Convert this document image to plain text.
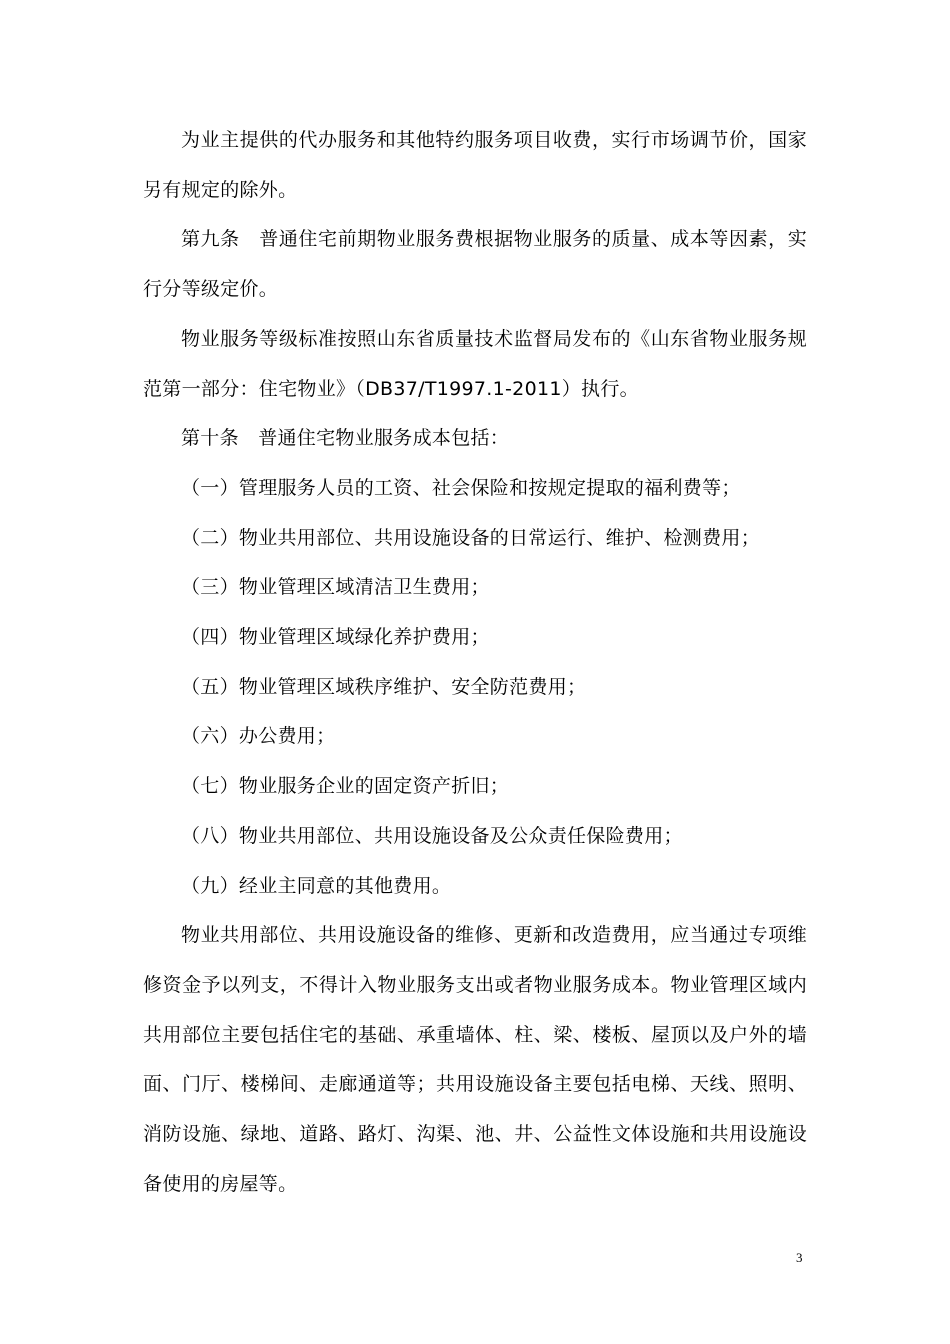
为业主提供的代办服务和其他特约服务项目收费，实行市场调节价，国家另有规定的除外。

第九条　普通住宅前期物业服务费根据物业服务的质量、成本等因素，实行分等级定价。

物业服务等级标准按照山东省质量技术监督局发布的《山东省物业服务规范第一部分：住宅物业》（DB37/T1997.1-2011）执行。

第十条　普通住宅物业服务成本包括：

（一）管理服务人员的工资、社会保险和按规定提取的福利费等；

（二）物业共用部位、共用设施设备的日常运行、维护、检测费用；

（三）物业管理区域清洁卫生费用；

（四）物业管理区域绿化养护费用；

（五）物业管理区域秩序维护、安全防范费用；

（六）办公费用；

（七）物业服务企业的固定资产折旧；

（八）物业共用部位、共用设施设备及公众责任保险费用；

（九）经业主同意的其他费用。

物业共用部位、共用设施设备的维修、更新和改造费用，应当通过专项维修资金予以列支，不得计入物业服务支出或者物业服务成本。物业管理区域内共用部位主要包括住宅的基础、承重墙体、柱、梁、楼板、屋顶以及户外的墙面、门厅、楼梯间、走廊通道等；共用设施设备主要包括电梯、天线、照明、消防设施、绿地、道路、路灯、沟渠、池、井、公益性文体设施和共用设施设备使用的房屋等。

3
